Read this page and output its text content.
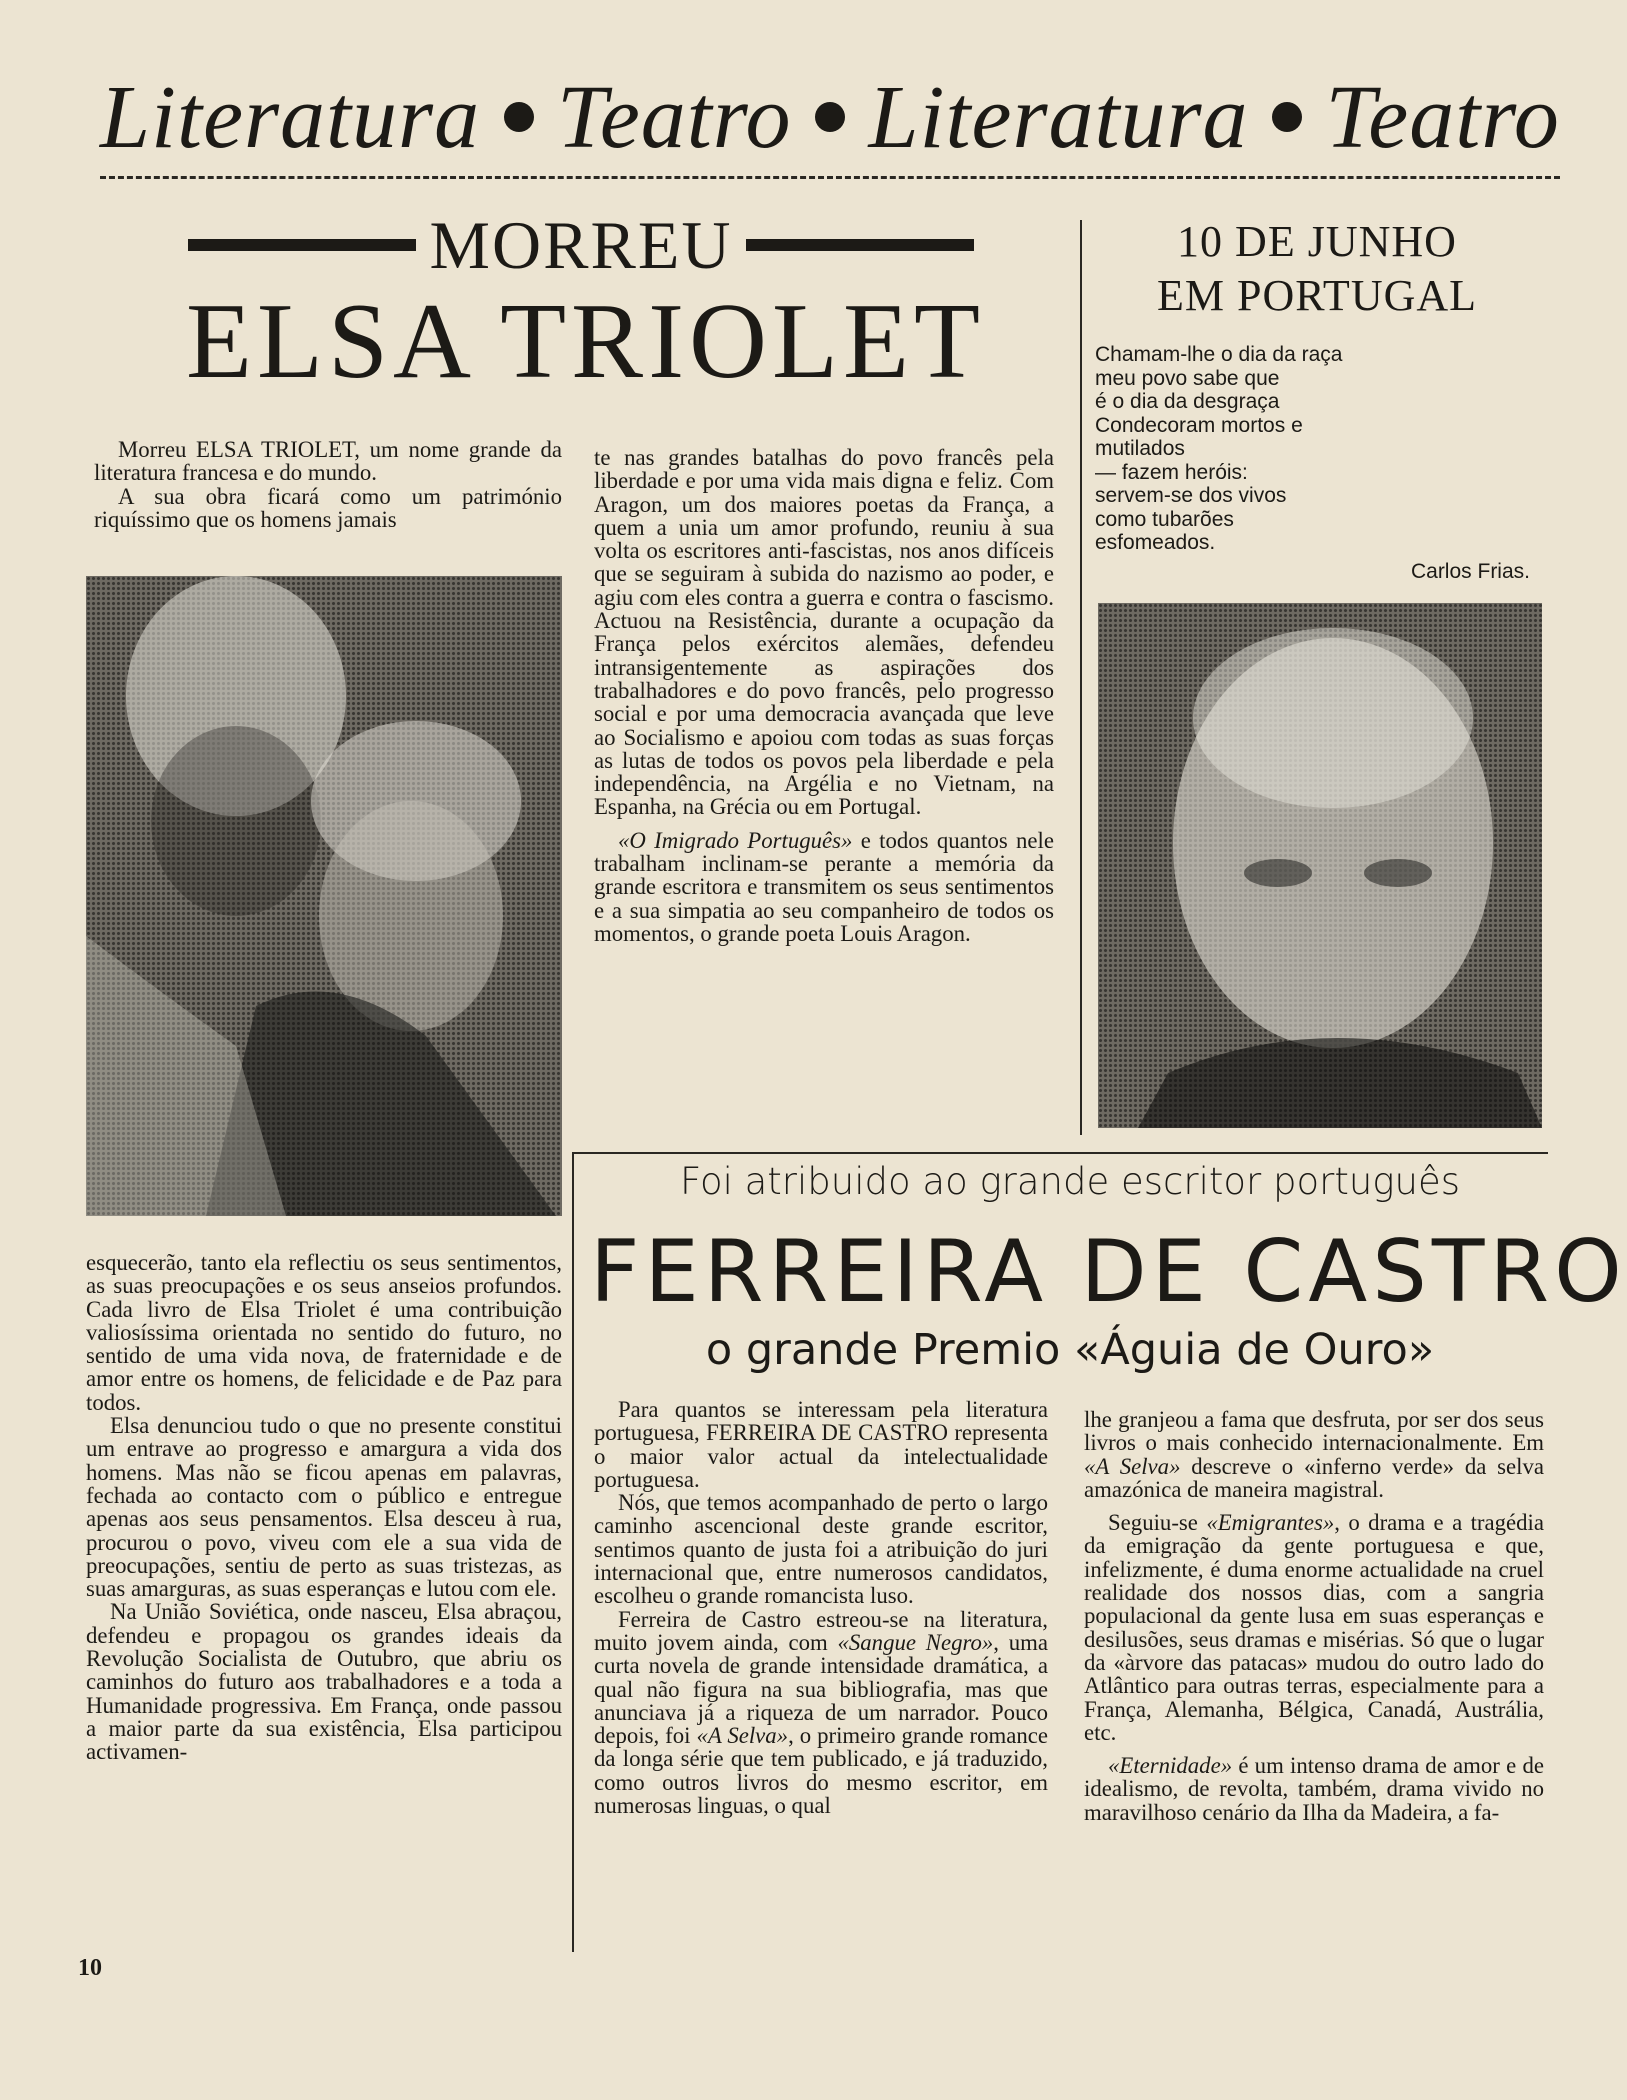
Literatura Teatro Literatura Teatro
MORREU
ELSA TRIOLET

Morreu ELSA TRIOLET, um nome grande da literatura francesa e do mundo.

A sua obra ficará como um património riquíssimo que os homens jamais

esquecerão, tanto ela reflectiu os seus sentimentos, as suas preocupações e os seus anseios profundos. Cada livro de Elsa Triolet é uma contribuição valiosíssima orientada no sentido do futuro, no sentido de uma vida nova, de fraternidade e de amor entre os homens, de felicidade e de Paz para todos.

Elsa denunciou tudo o que no presente constitui um entrave ao progresso e amargura a vida dos homens. Mas não se ficou apenas em palavras, fechada ao contacto com o público e entregue apenas aos seus pensamentos. Elsa desceu à rua, procurou o povo, viveu com ele a sua vida de preocupações, sentiu de perto as suas tristezas, as suas amarguras, as suas esperanças e lutou com ele.

Na União Soviética, onde nasceu, Elsa abraçou, defendeu e propagou os grandes ideais da Revolução Socialista de Outubro, que abriu os caminhos do futuro aos trabalhadores e a toda a Humanidade progressiva. Em França, onde passou a maior parte da sua existência, Elsa participou activamen-

te nas grandes batalhas do povo francês pela liberdade e por uma vida mais digna e feliz. Com Aragon, um dos maiores poetas da França, a quem a unia um amor profundo, reuniu à sua volta os escritores anti-fascistas, nos anos difíceis que se seguiram à subida do nazismo ao poder, e agiu com eles contra a guerra e contra o fascismo. Actuou na Resistência, durante a ocupação da França pelos exércitos alemães, defendeu intransigentemente as aspirações dos trabalhadores e do povo francês, pelo progresso social e por uma democracia avançada que leve ao Socialismo e apoiou com todas as suas forças as lutas de todos os povos pela liberdade e pela independência, na Argélia e no Vietnam, na Espanha, na Grécia ou em Portugal.

«O Imigrado Português» e todos quantos nele trabalham inclinam-se perante a memória da grande escritora e transmitem os seus sentimentos e a sua simpatia ao seu companheiro de todos os momentos, o grande poeta Louis Aragon.

10 DE JUNHO
EM PORTUGAL
Chamam-lhe o dia da raça
meu povo sabe que
é o dia da desgraça
Condecoram mortos e
mutilados
— fazem heróis:
servem-se dos vivos
como tubarões
esfomeados.
Carlos Frias.
Foi atribuido ao grande escritor português
FERREIRA DE CASTRO
o grande Premio «Águia de Ouro»

Para quantos se interessam pela literatura portuguesa, FERREIRA DE CASTRO representa o maior valor actual da intelectualidade portuguesa.

Nós, que temos acompanhado de perto o largo caminho ascencional deste grande escritor, sentimos quanto de justa foi a atribuição do juri internacional que, entre numerosos candidatos, escolheu o grande romancista luso.

Ferreira de Castro estreou-se na literatura, muito jovem ainda, com «Sangue Negro», uma curta novela de grande intensidade dramática, a qual não figura na sua bibliografia, mas que anunciava já a riqueza de um narrador. Pouco depois, foi «A Selva», o primeiro grande romance da longa série que tem publicado, e já traduzido, como outros livros do mesmo escritor, em numerosas linguas, o qual

lhe granjeou a fama que desfruta, por ser dos seus livros o mais conhecido internacionalmente. Em «A Selva» descreve o «inferno verde» da selva amazónica de maneira magistral.

Seguiu-se «Emigrantes», o drama e a tragédia da emigração da gente portuguesa e que, infelizmente, é duma enorme actualidade na cruel realidade dos nossos dias, com a sangria populacional da gente lusa em suas esperanças e desilusões, seus dramas e misérias. Só que o lugar da «àrvore das patacas» mudou do outro lado do Atlântico para outras terras, especialmente para a França, Alemanha, Bélgica, Canadá, Austrália, etc.

«Eternidade» é um intenso drama de amor e de idealismo, de revolta, também, drama vivido no maravilhoso cenário da Ilha da Madeira, a fa-

10
